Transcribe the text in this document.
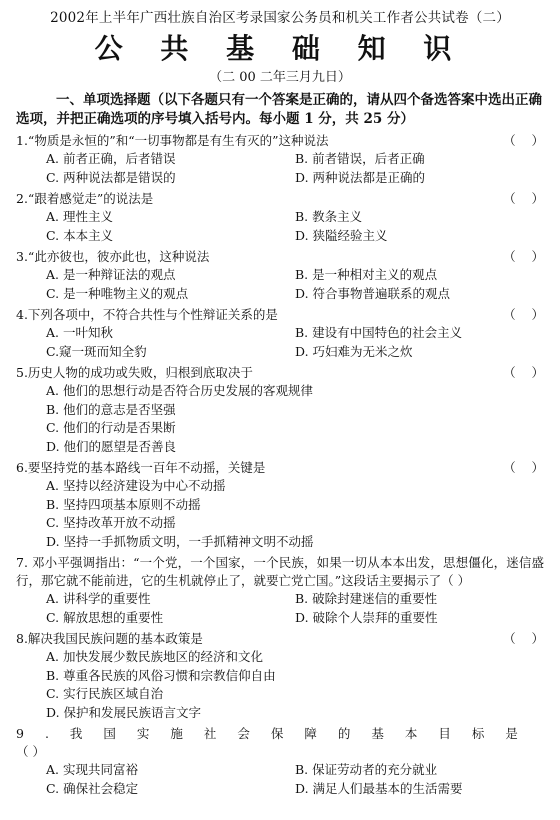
2002年上半年广西壮族自治区考录国家公务员和机关工作者公共试卷（二）
公 共 基 础 知 识
（二 00 二年三月九日）
一、单项选择题（以下各题只有一个答案是正确的，请从四个备选答案中选出正确选项，并把正确选项的序号填入括号内。每小题 1 分，共 25 分）
1.“物质是永恒的”和“一切事物都是有生有灭的”这种说法	（    ）
A. 前者正确，后者错误	B. 前者错误，后者正确
C. 两种说法都是错误的	D. 两种说法都是正确的
2.“跟着感觉走”的说法是	（    ）
A. 理性主义	B. 教条主义
C. 本本主义	D. 狭隘经验主义
3.“此亦彼也，彼亦此也，这种说法	（    ）
A. 是一种辩证法的观点	B. 是一种相对主义的观点
C. 是一种唯物主义的观点	D. 符合事物普遍联系的观点
4.下列各项中，不符合共性与个性辩证关系的是	（    ）
A. 一叶知秋	B. 建设有中国特色的社会主义
C.窥一斑而知全豹	D. 巧妇难为无米之炊
5.历史人物的成功或失败，归根到底取决于	（    ）
A. 他们的思想行动是否符合历史发展的客观规律
B. 他们的意志是否坚强
C. 他们的行动是否果断
D. 他们的愿望是否善良
6.要坚持党的基本路线一百年不动摇，关键是	（    ）
A. 坚持以经济建设为中心不动摇
B. 坚持四项基本原则不动摇
C. 坚持改革开放不动摇
D. 坚持一手抓物质文明，一手抓精神文明不动摇
7. 邓小平强调指出：“一个党，一个国家，一个民族，如果一切从本本出发，思想僵化，迷信盛行，那它就不能前进，它的生机就停止了，就要亡党亡国。”这段话主要揭示了（ ）
A. 讲科学的重要性	B. 破除封建迷信的重要性
C. 解放思想的重要性	D. 破除个人崇拜的重要性
8.解决我国民族问题的基本政策是	（    ）
A. 加快发展少数民族地区的经济和文化
B. 尊重各民族的风俗习惯和宗教信仰自由
C. 实行民族区域自治
D. 保护和发展民族语言文字
9.我国实施社会保障的基本目标是
（ ）
A. 实现共同富裕	B. 保证劳动者的充分就业
C. 确保社会稳定	D. 满足人们最基本的生活需要
